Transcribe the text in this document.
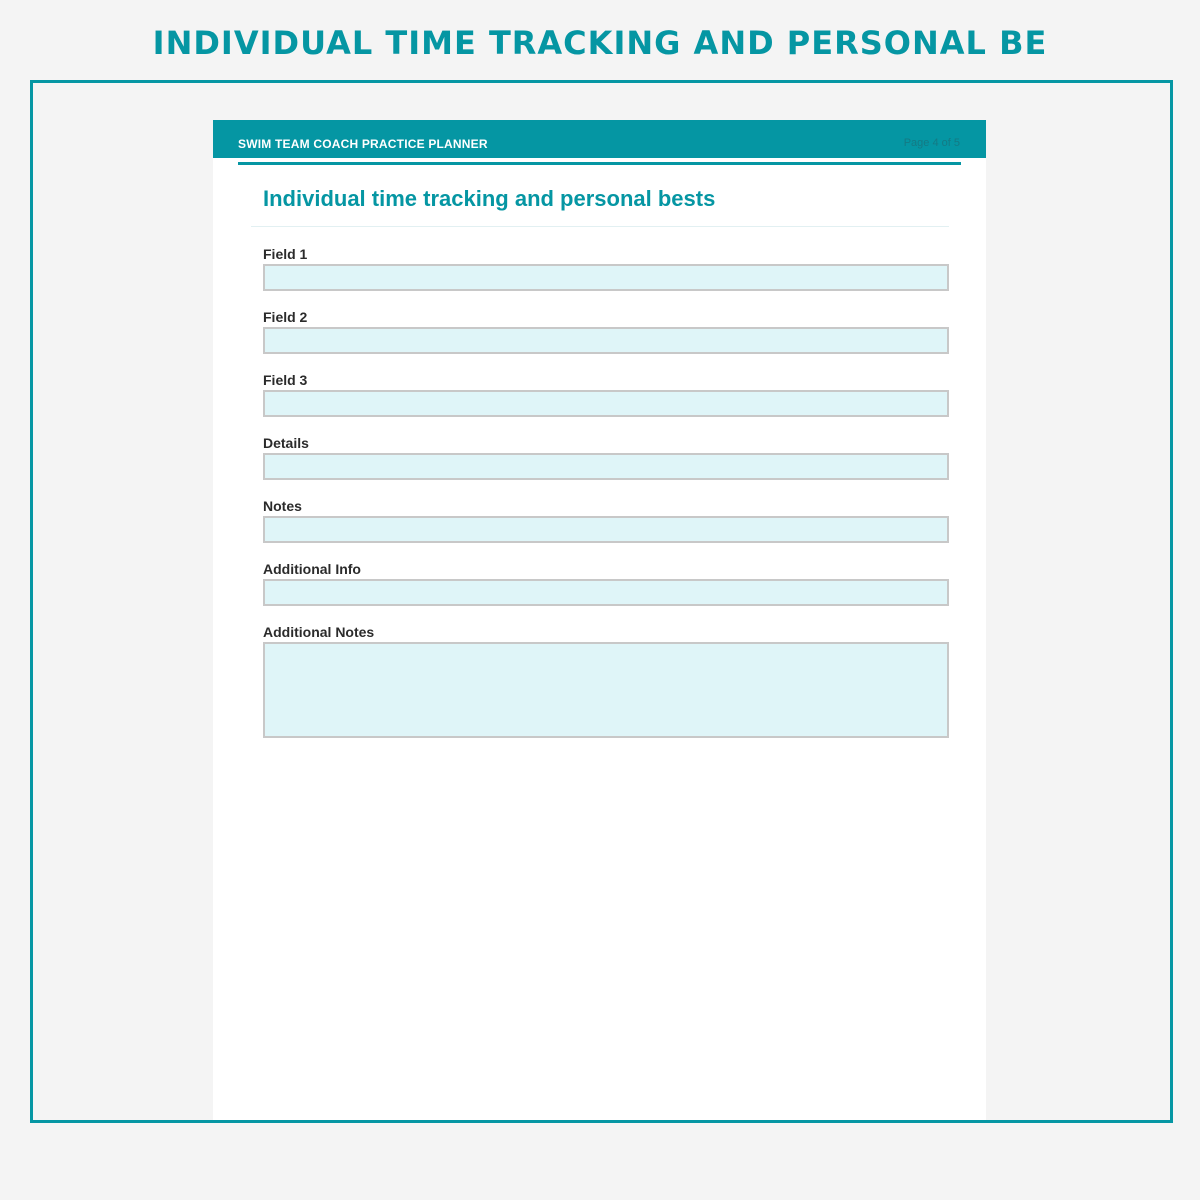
INDIVIDUAL TIME TRACKING AND PERSONAL BE
SWIM TEAM COACH PRACTICE PLANNER	Page 4 of 5
Individual time tracking and personal bests
Field 1
Field 2
Field 3
Details
Notes
Additional Info
Additional Notes
